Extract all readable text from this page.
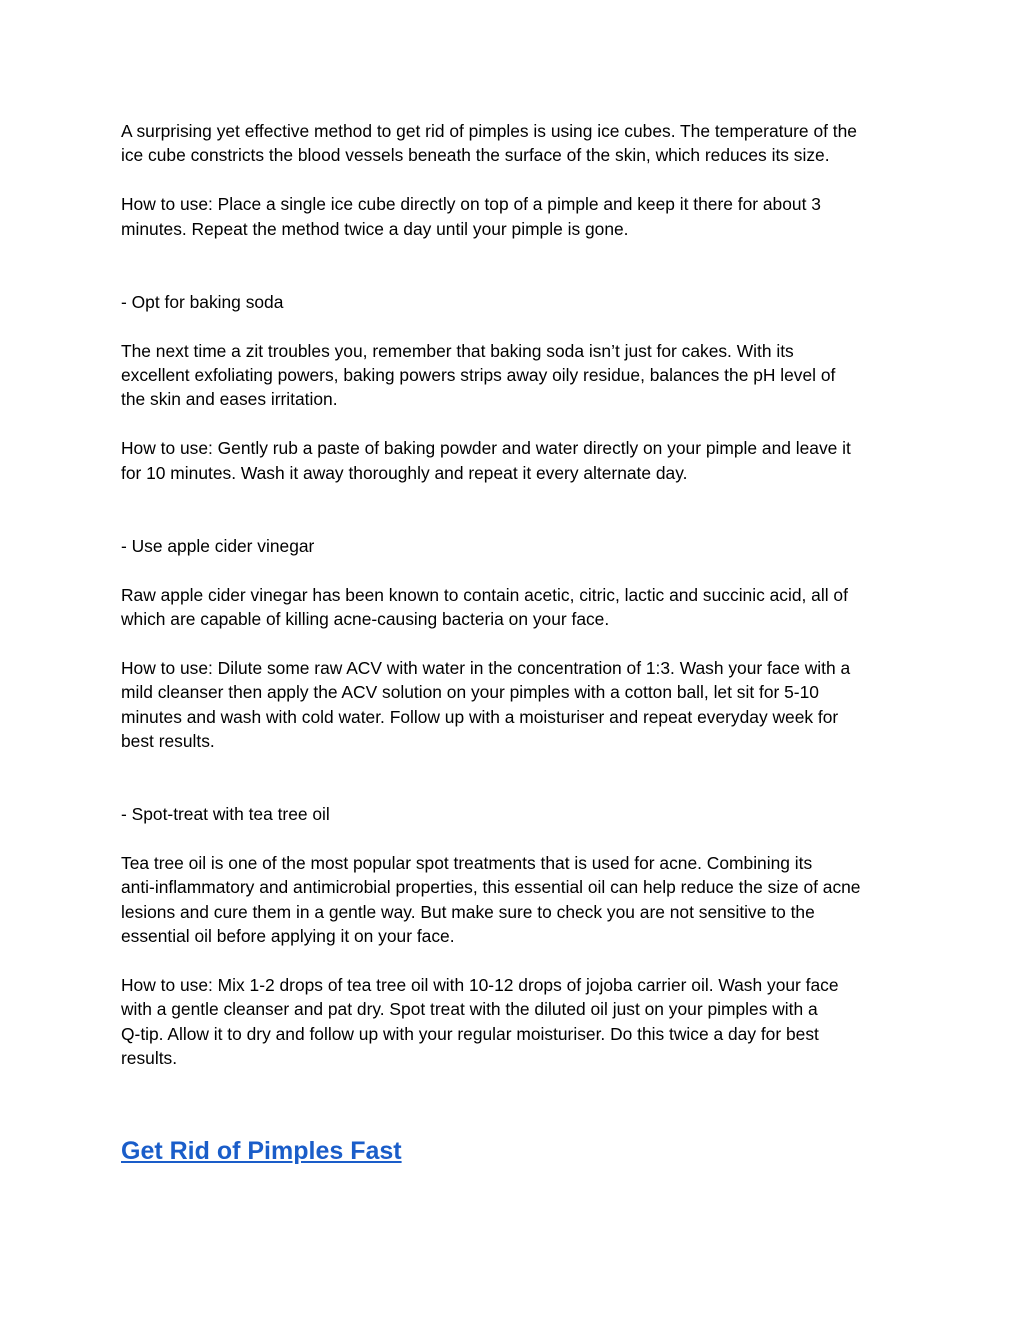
A surprising yet effective method to get rid of pimples is using ice cubes. The temperature of the
ice cube constricts the blood vessels beneath the surface of the skin, which reduces its size.

How to use: Place a single ice cube directly on top of a pimple and keep it there for about 3
minutes. Repeat the method twice a day until your pimple is gone.

- Opt for baking soda

The next time a zit troubles you, remember that baking soda isn’t just for cakes. With its
excellent exfoliating powers, baking powers strips away oily residue, balances the pH level of
the skin and eases irritation.

How to use: Gently rub a paste of baking powder and water directly on your pimple and leave it
for 10 minutes. Wash it away thoroughly and repeat it every alternate day.

- Use apple cider vinegar

Raw apple cider vinegar has been known to contain acetic, citric, lactic and succinic acid, all of
which are capable of killing acne-causing bacteria on your face.

How to use: Dilute some raw ACV with water in the concentration of 1:3. Wash your face with a
mild cleanser then apply the ACV solution on your pimples with a cotton ball, let sit for 5-10
minutes and wash with cold water. Follow up with a moisturiser and repeat everyday week for
best results.

- Spot-treat with tea tree oil

Tea tree oil is one of the most popular spot treatments that is used for acne. Combining its
anti-inflammatory and antimicrobial properties, this essential oil can help reduce the size of acne
lesions and cure them in a gentle way. But make sure to check you are not sensitive to the
essential oil before applying it on your face.

How to use: Mix 1-2 drops of tea tree oil with 10-12 drops of jojoba carrier oil. Wash your face
with a gentle cleanser and pat dry. Spot treat with the diluted oil just on your pimples with a
Q-tip. Allow it to dry and follow up with your regular moisturiser. Do this twice a day for best
results.

Get Rid of Pimples Fast
